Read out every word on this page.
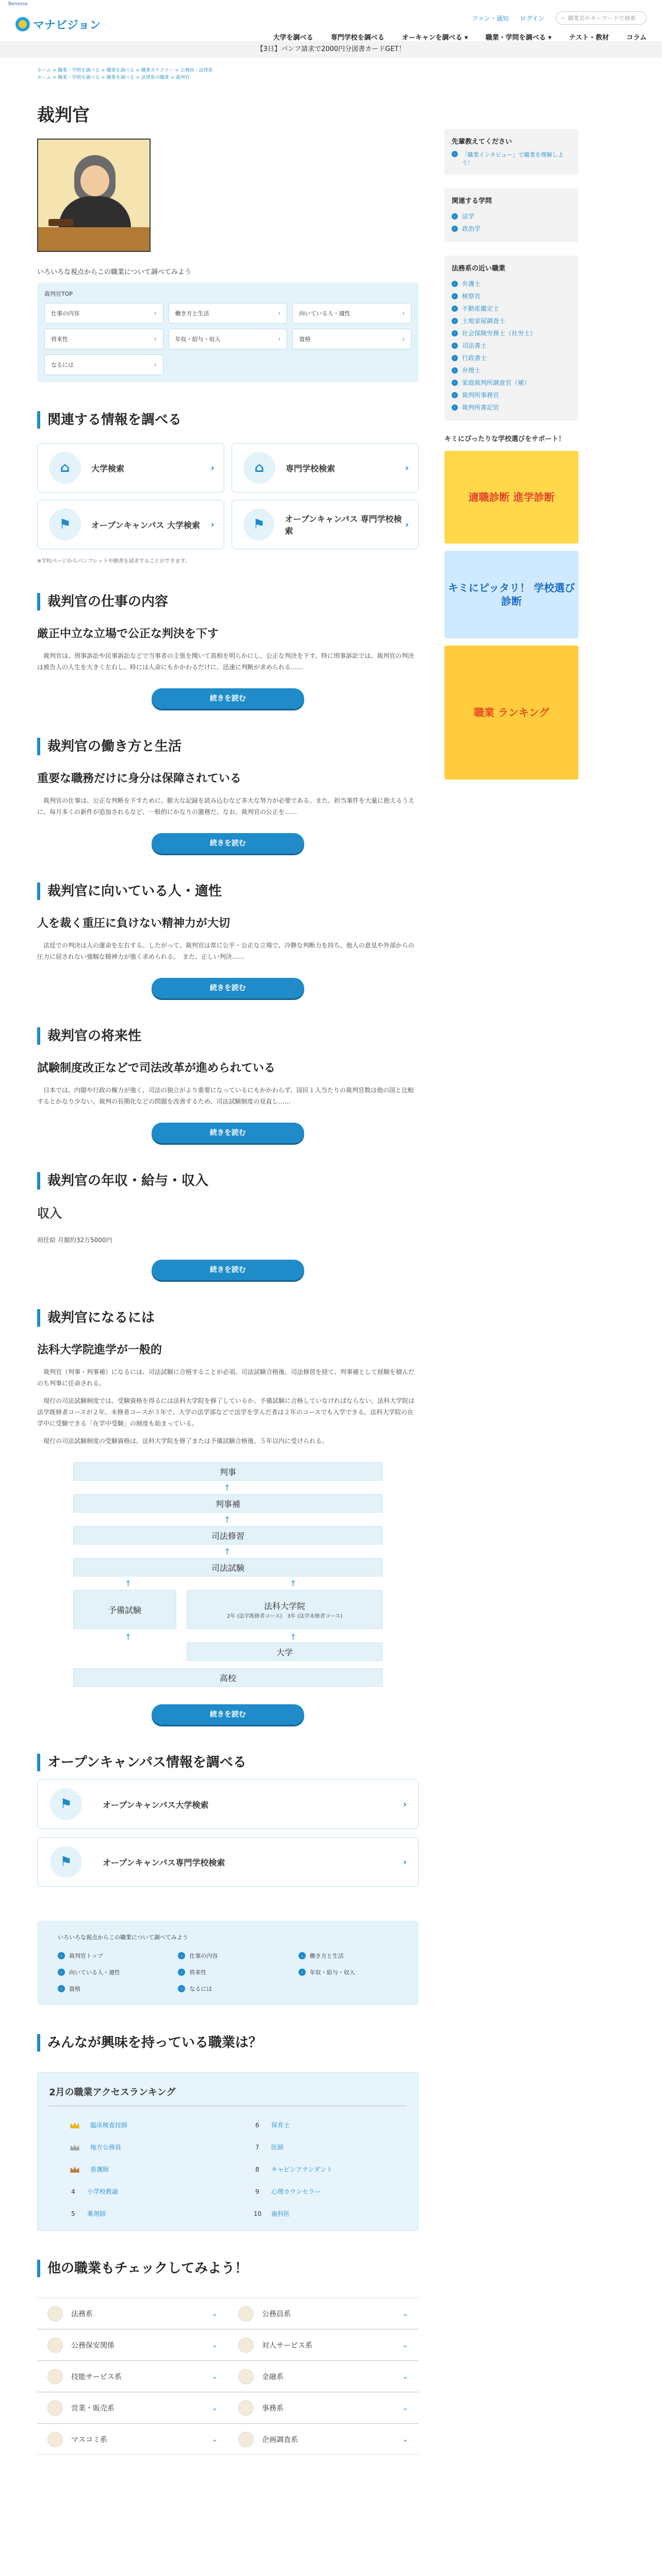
Benesse
マナビジョン
ファン・通知 ログイン	⌕ 職業名やキーワードで検索
大学を調べる	専門学校を調べる	オーキャンを調べる ▾	職業・学問を調べる ▾	テスト・教材	コラム
【3日】パンフ請求で2000円分図書カードGET！
ホーム > 職業・学問を調べる > 職業を調べる > 職業カテゴリー > 公務員・法律系
ホーム > 職業・学問を調べる > 職業を調べる > 法律系の職業 > 裁判官
裁判官

いろいろな視点からこの職業について調べてみよう

裁判官TOP
仕事の内容	›	働き方と生活	›	向いている人・適性	›
将来性	›	年収・給与・収入	›	資格	›
なるには	›
関連する情報を調べる
⌂	大学検索	›	⌂	専門学校検索	›
⚑	オープンキャンパス 大学検索 ›	⚑	オープンキャンパス 専門学校検索
›

※学校ページからパンフレットや願書を請求することができます。

裁判官の仕事の内容
厳正中立な立場で公正な判決を下す

裁判官は、刑事訴訟や民事訴訟などで当事者の主張を聞いて真相を明らかにし、公正な判決を下す。特に刑事訴訟では、裁判官の判決は被告人の人生を大きく左右し、時には人命にもかかわるだけに、迅速に判断が求められる……

続きを読む
裁判官の働き方と生活
重要な職務だけに身分は保障されている

裁判官の仕事は、公正な判断を下すために、膨大な記録を読み込むなど多大な努力が必要である。また、担当案件を大量に抱えるうえに、毎月多くの新件が追加されるなど、一般的にかなりの激務だ。なお、裁判官の公正を……

続きを読む
裁判官に向いている人・適性
人を裁く重圧に負けない精神力が大切

法廷での判決は人の運命を左右する。したがって、裁判官は常に公平・公正な立場で、冷静な判断力を持ち、他人の意見や外部からの圧力に屈されない強靱な精神力が強く求められる。　また、正しい判決……

続きを読む
裁判官の将来性
試験制度改正などで司法改革が進められている

日本では、内閣や行政の権力が強く、司法の独立がより重要になっているにもかかわらず、国民１人当たりの裁判官数は他の国と比較するとかなり少ない。裁判の長期化などの問題を改善するため、司法試験制度の見直し……

続きを読む
裁判官の年収・給与・収入
収入

初任給 月額約32万5000円

続きを読む
裁判官になるには
法科大学院進学が一般的

裁判官（判事・判事補）になるには、司法試験に合格することが必須。司法試験合格後、司法修習を経て、判事補として経験を積んだのち判事に任命される。

現行の司法試験制度では、受験資格を得るには法科大学院を修了しているか、予備試験に合格していなければならない。法科大学院は法学既修者コースが２年、未修者コースが３年で、大学の法学部などで法学を学んだ者は２年のコースでも入学できる。法科大学院の在学中に受験できる「在学中受験」の制度も始まっている。

現行の司法試験制度の受験資格は、法科大学院を修了または予備試験合格後、５年以内に受けられる。

判事
↑
判事補
↑
司法修習
↑
司法試験
↑	↑
予備試験	法科大学院
2年 (法学既修者コース)　3年 (法学未修者コース)
↑	↑
大学
高校
続きを読む
オープンキャンパス情報を調べる
⚑	オープンキャンパス大学検索	›
⚑	オープンキャンパス専門学校検索	›
いろいろな視点からこの職業について調べてみよう
›	裁判官トップ	›	仕事の内容	›	働き方と生活
›	向いている人・適性	›	将来性	›	年収・給与・収入
›	資格	›	なるには
みんなが興味を持っている職業は？
2月の職業アクセスランキング
臨床検査技師	6 保育士
地方公務員	7 医師
看護師	8 キャビンアテンダント
4 小学校教諭	9 心理カウンセラー
5 薬剤師	10 歯科医
他の職業もチェックしてみよう！
法務系	⌄	公務員系	⌄
公務保安関係	⌄	対人サービス系	⌄
技能サービス系	⌄	金融系	⌄
営業・販売系	⌄	事務系	⌄
マスコミ系	⌄	企画調査系	⌄
先輩教えてください
›	「職業インタビュー」で職業を理解しよう！
関連する学問
›	法学
›	政治学
法務系の近い職業
›	弁護士
›	検察官
›	不動産鑑定士
›	土地家屋調査士
›	社会保険労務士（社労士）
›	司法書士
›	行政書士
›	弁理士
›	家庭裁判所調査官（補）
›	裁判所事務官
›	裁判所書記官
キミにぴったりな学校選びをサポート！
適職診断 進学診断
キミにピッタリ！ 学校選び診断
職業 ランキング
